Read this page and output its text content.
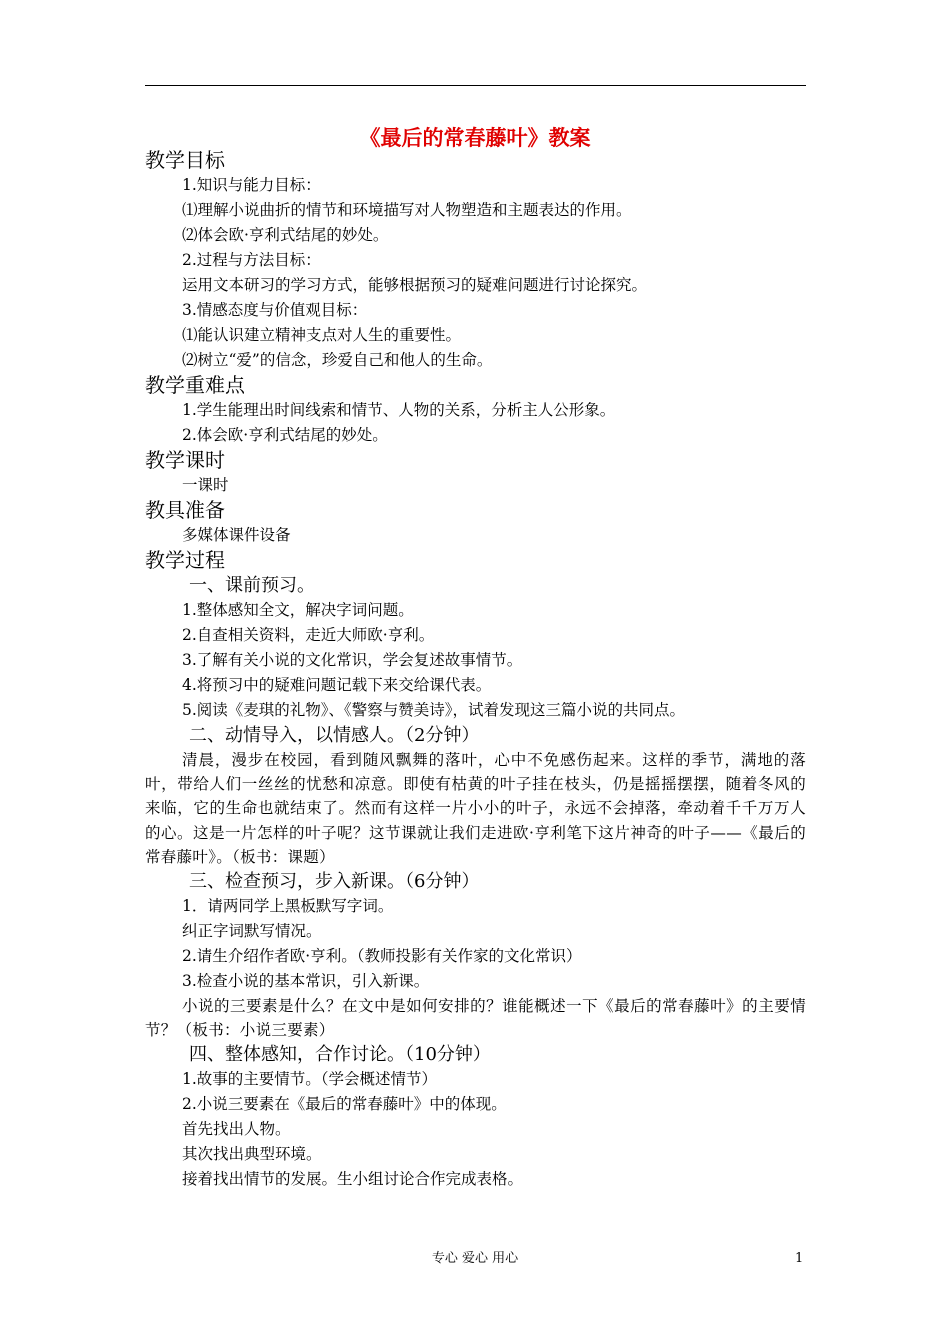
《最后的常春藤叶》教案
教学目标
1.知识与能力目标：
⑴理解小说曲折的情节和环境描写对人物塑造和主题表达的作用。
⑵体会欧·亨利式结尾的妙处。
2.过程与方法目标：
运用文本研习的学习方式，能够根据预习的疑难问题进行讨论探究。
3.情感态度与价值观目标：
⑴能认识建立精神支点对人生的重要性。
⑵树立“爱”的信念，珍爱自己和他人的生命。
教学重难点
1.学生能理出时间线索和情节、人物的关系，分析主人公形象。
2.体会欧·亨利式结尾的妙处。
教学课时
一课时
教具准备
多媒体课件设备
教学过程
一、课前预习。
1.整体感知全文，解决字词问题。
2.自查相关资料，走近大师欧·亨利。
3.了解有关小说的文化常识，学会复述故事情节。
4.将预习中的疑难问题记载下来交给课代表。
5.阅读《麦琪的礼物》、《警察与赞美诗》，试着发现这三篇小说的共同点。
二、动情导入，以情感人。（2分钟）
清晨，漫步在校园，看到随风飘舞的落叶，心中不免感伤起来。这样的季节，满地的落叶，带给人们一丝丝的忧愁和凉意。即使有枯黄的叶子挂在枝头，仍是摇摇摆摆，随着冬风的来临，它的生命也就结束了。然而有这样一片小小的叶子，永远不会掉落，牵动着千千万万人的心。这是一片怎样的叶子呢？这节课就让我们走进欧·亨利笔下这片神奇的叶子——《最后的常春藤叶》。（板书：课题）
三、检查预习，步入新课。（6分钟）
1．请两同学上黑板默写字词。
纠正字词默写情况。
2.请生介绍作者欧·亨利。（教师投影有关作家的文化常识）
3.检查小说的基本常识，引入新课。
小说的三要素是什么？在文中是如何安排的？谁能概述一下《最后的常春藤叶》的主要情节？（板书：小说三要素）
四、整体感知，合作讨论。（10分钟）
1.故事的主要情节。（学会概述情节）
2.小说三要素在《最后的常春藤叶》中的体现。
首先找出人物。
其次找出典型环境。
接着找出情节的发展。生小组讨论合作完成表格。
专心 爱心 用心	1
